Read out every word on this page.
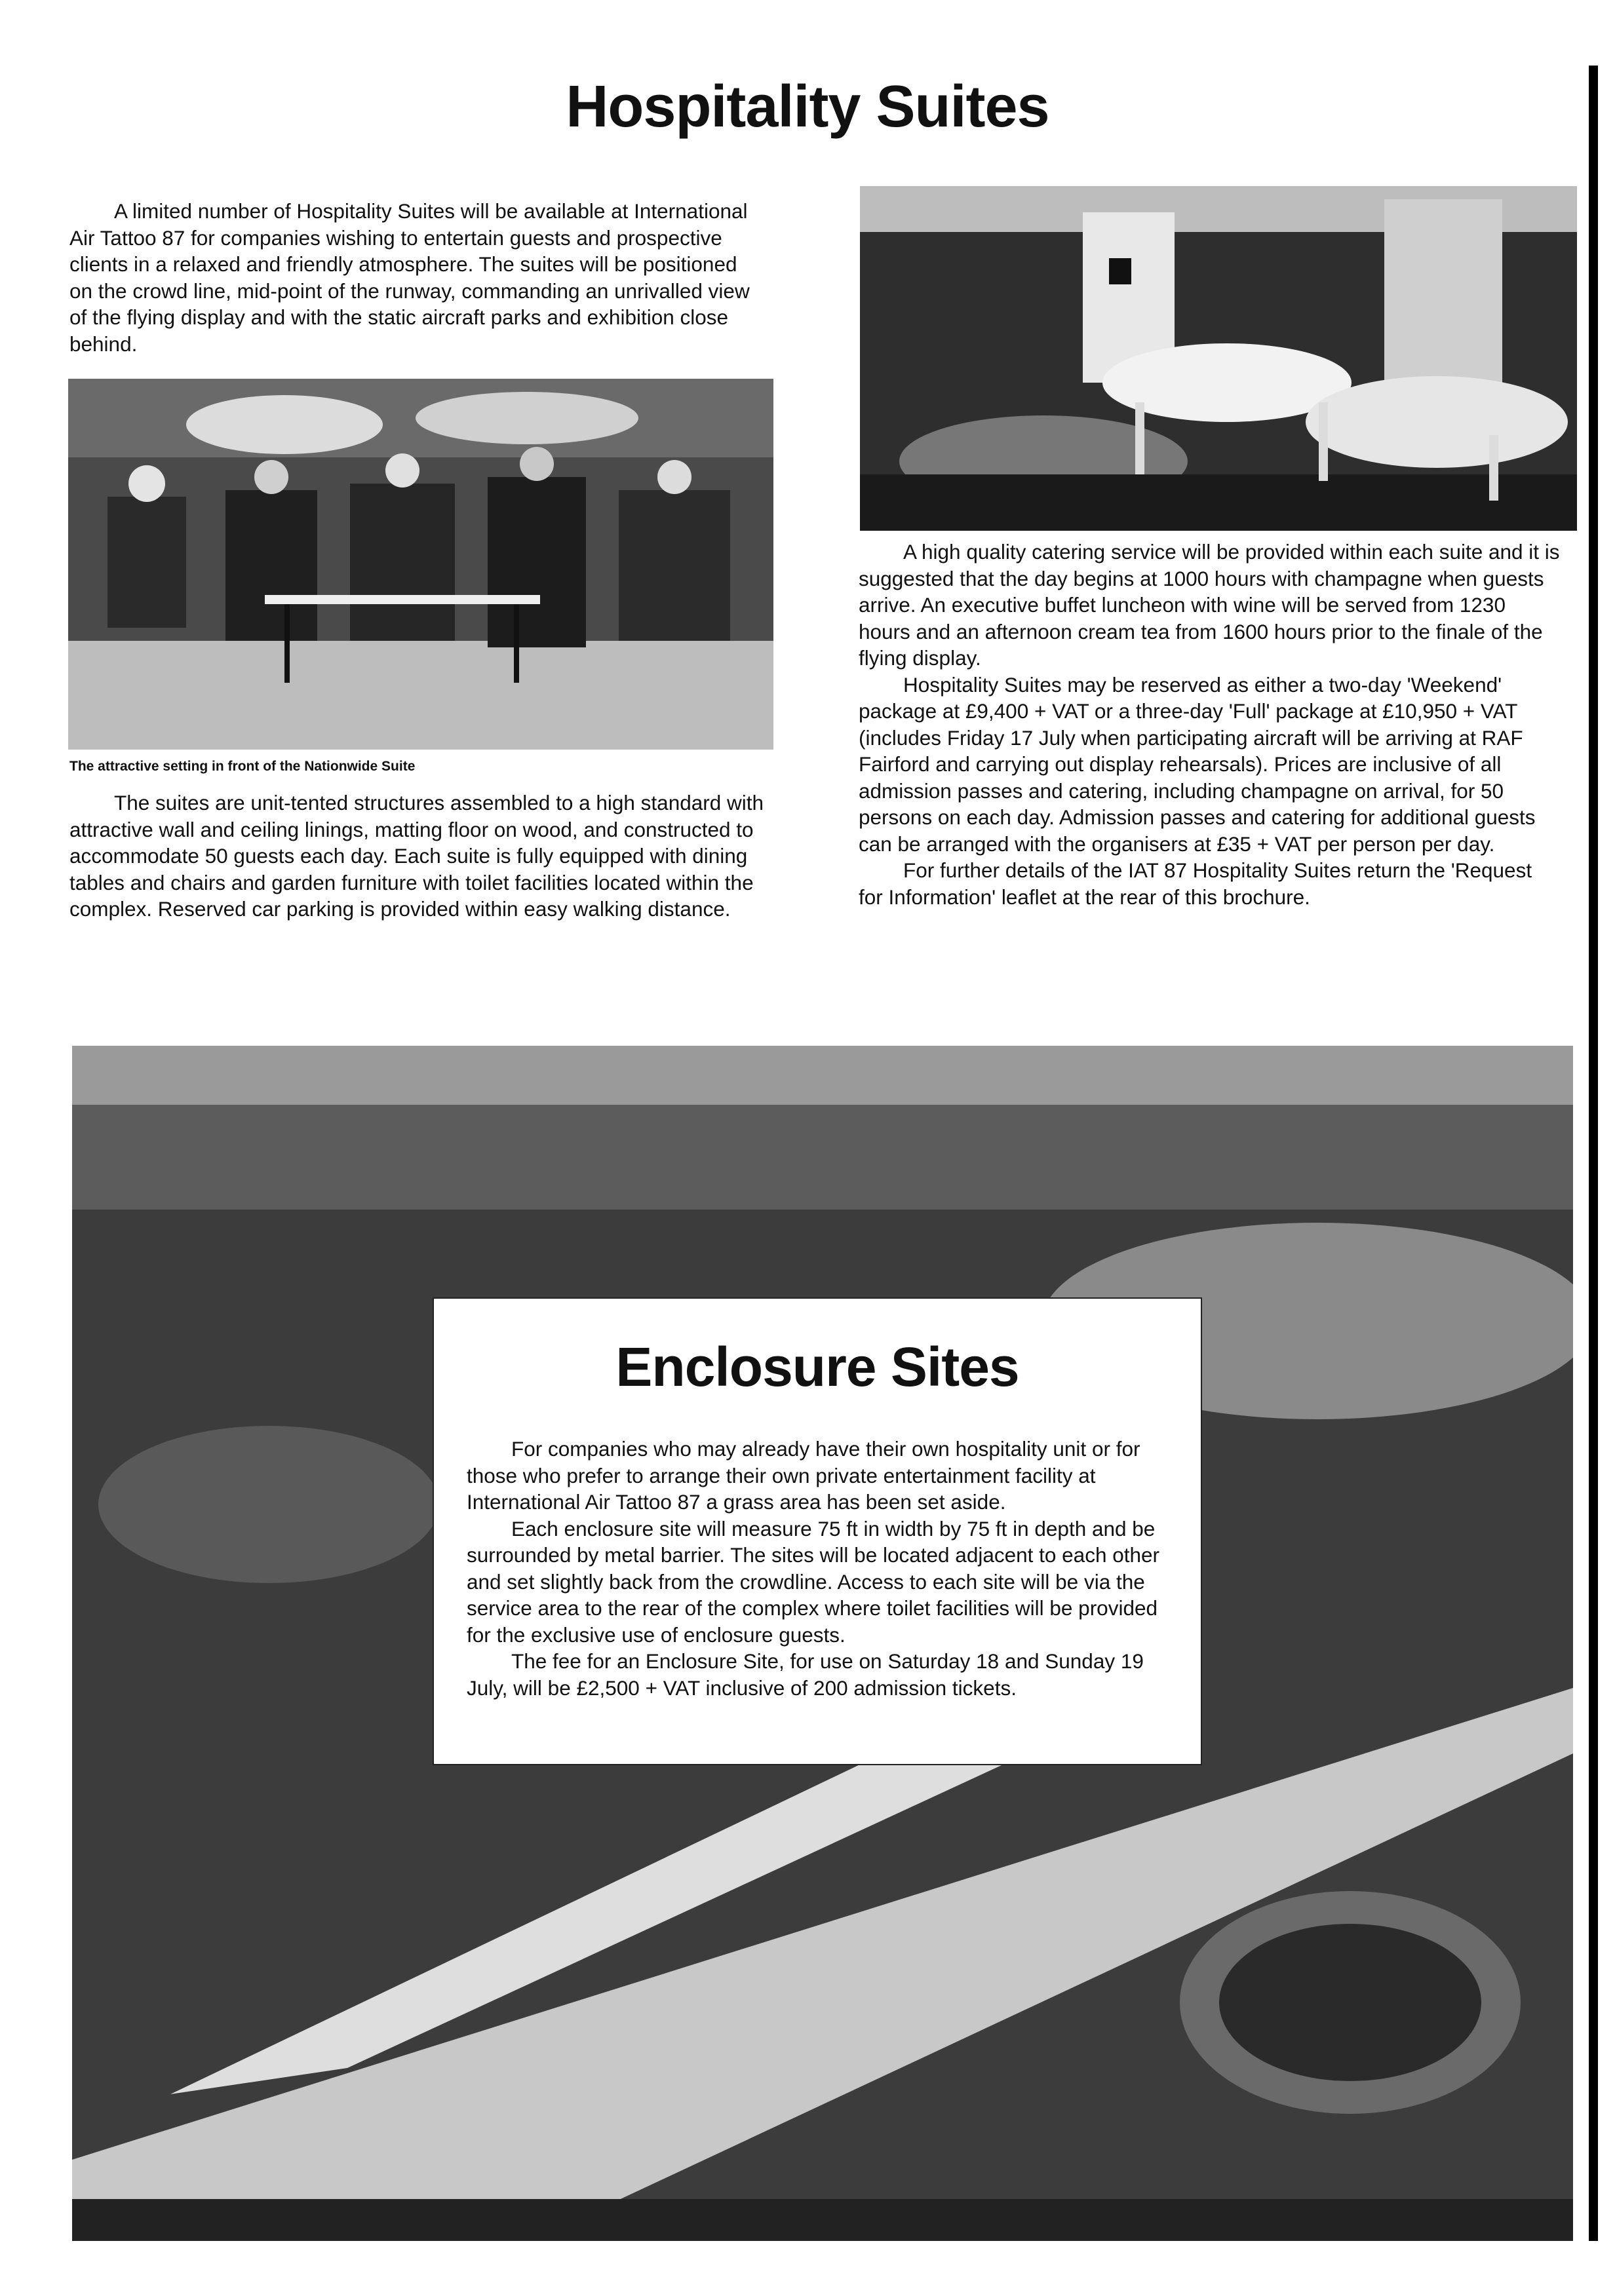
Hospitality Suites

A limited number of Hospitality Suites will be available at International Air Tattoo 87 for companies wishing to entertain guests and prospective clients in a relaxed and friendly atmosphere. The suites will be positioned on the crowd line, mid-point of the runway, commanding an unrivalled view of the flying display and with the static aircraft parks and exhibition close behind.

The attractive setting in front of the Nationwide Suite

The suites are unit-tented structures assembled to a high standard with attractive wall and ceiling linings, matting floor on wood, and constructed to accommodate 50 guests each day. Each suite is fully equipped with dining tables and chairs and garden furniture with toilet facilities located within the complex. Reserved car parking is provided within easy walking distance.

A high quality catering service will be provided within each suite and it is suggested that the day begins at 1000 hours with champagne when guests arrive. An executive buffet luncheon with wine will be served from 1230 hours and an afternoon cream tea from 1600 hours prior to the finale of the flying display.

Hospitality Suites may be reserved as either a two-day 'Weekend' package at £9,400 + VAT or a three-day 'Full' package at £10,950 + VAT (includes Friday 17 July when participating aircraft will be arriving at RAF Fairford and carrying out display rehearsals). Prices are inclusive of all admission passes and catering, including champagne on arrival, for 50 persons on each day. Admission passes and catering for additional guests can be arranged with the organisers at £35 + VAT per person per day.

For further details of the IAT 87 Hospitality Suites return the 'Request for Information' leaflet at the rear of this brochure.

Enclosure Sites

For companies who may already have their own hospitality unit or for those who prefer to arrange their own private entertainment facility at International Air Tattoo 87 a grass area has been set aside.

Each enclosure site will measure 75 ft in width by 75 ft in depth and be surrounded by metal barrier. The sites will be located adjacent to each other and set slightly back from the crowdline. Access to each site will be via the service area to the rear of the complex where toilet facilities will be provided for the exclusive use of enclosure guests.

The fee for an Enclosure Site, for use on Saturday 18 and Sunday 19 July, will be £2,500 + VAT inclusive of 200 admission tickets.
